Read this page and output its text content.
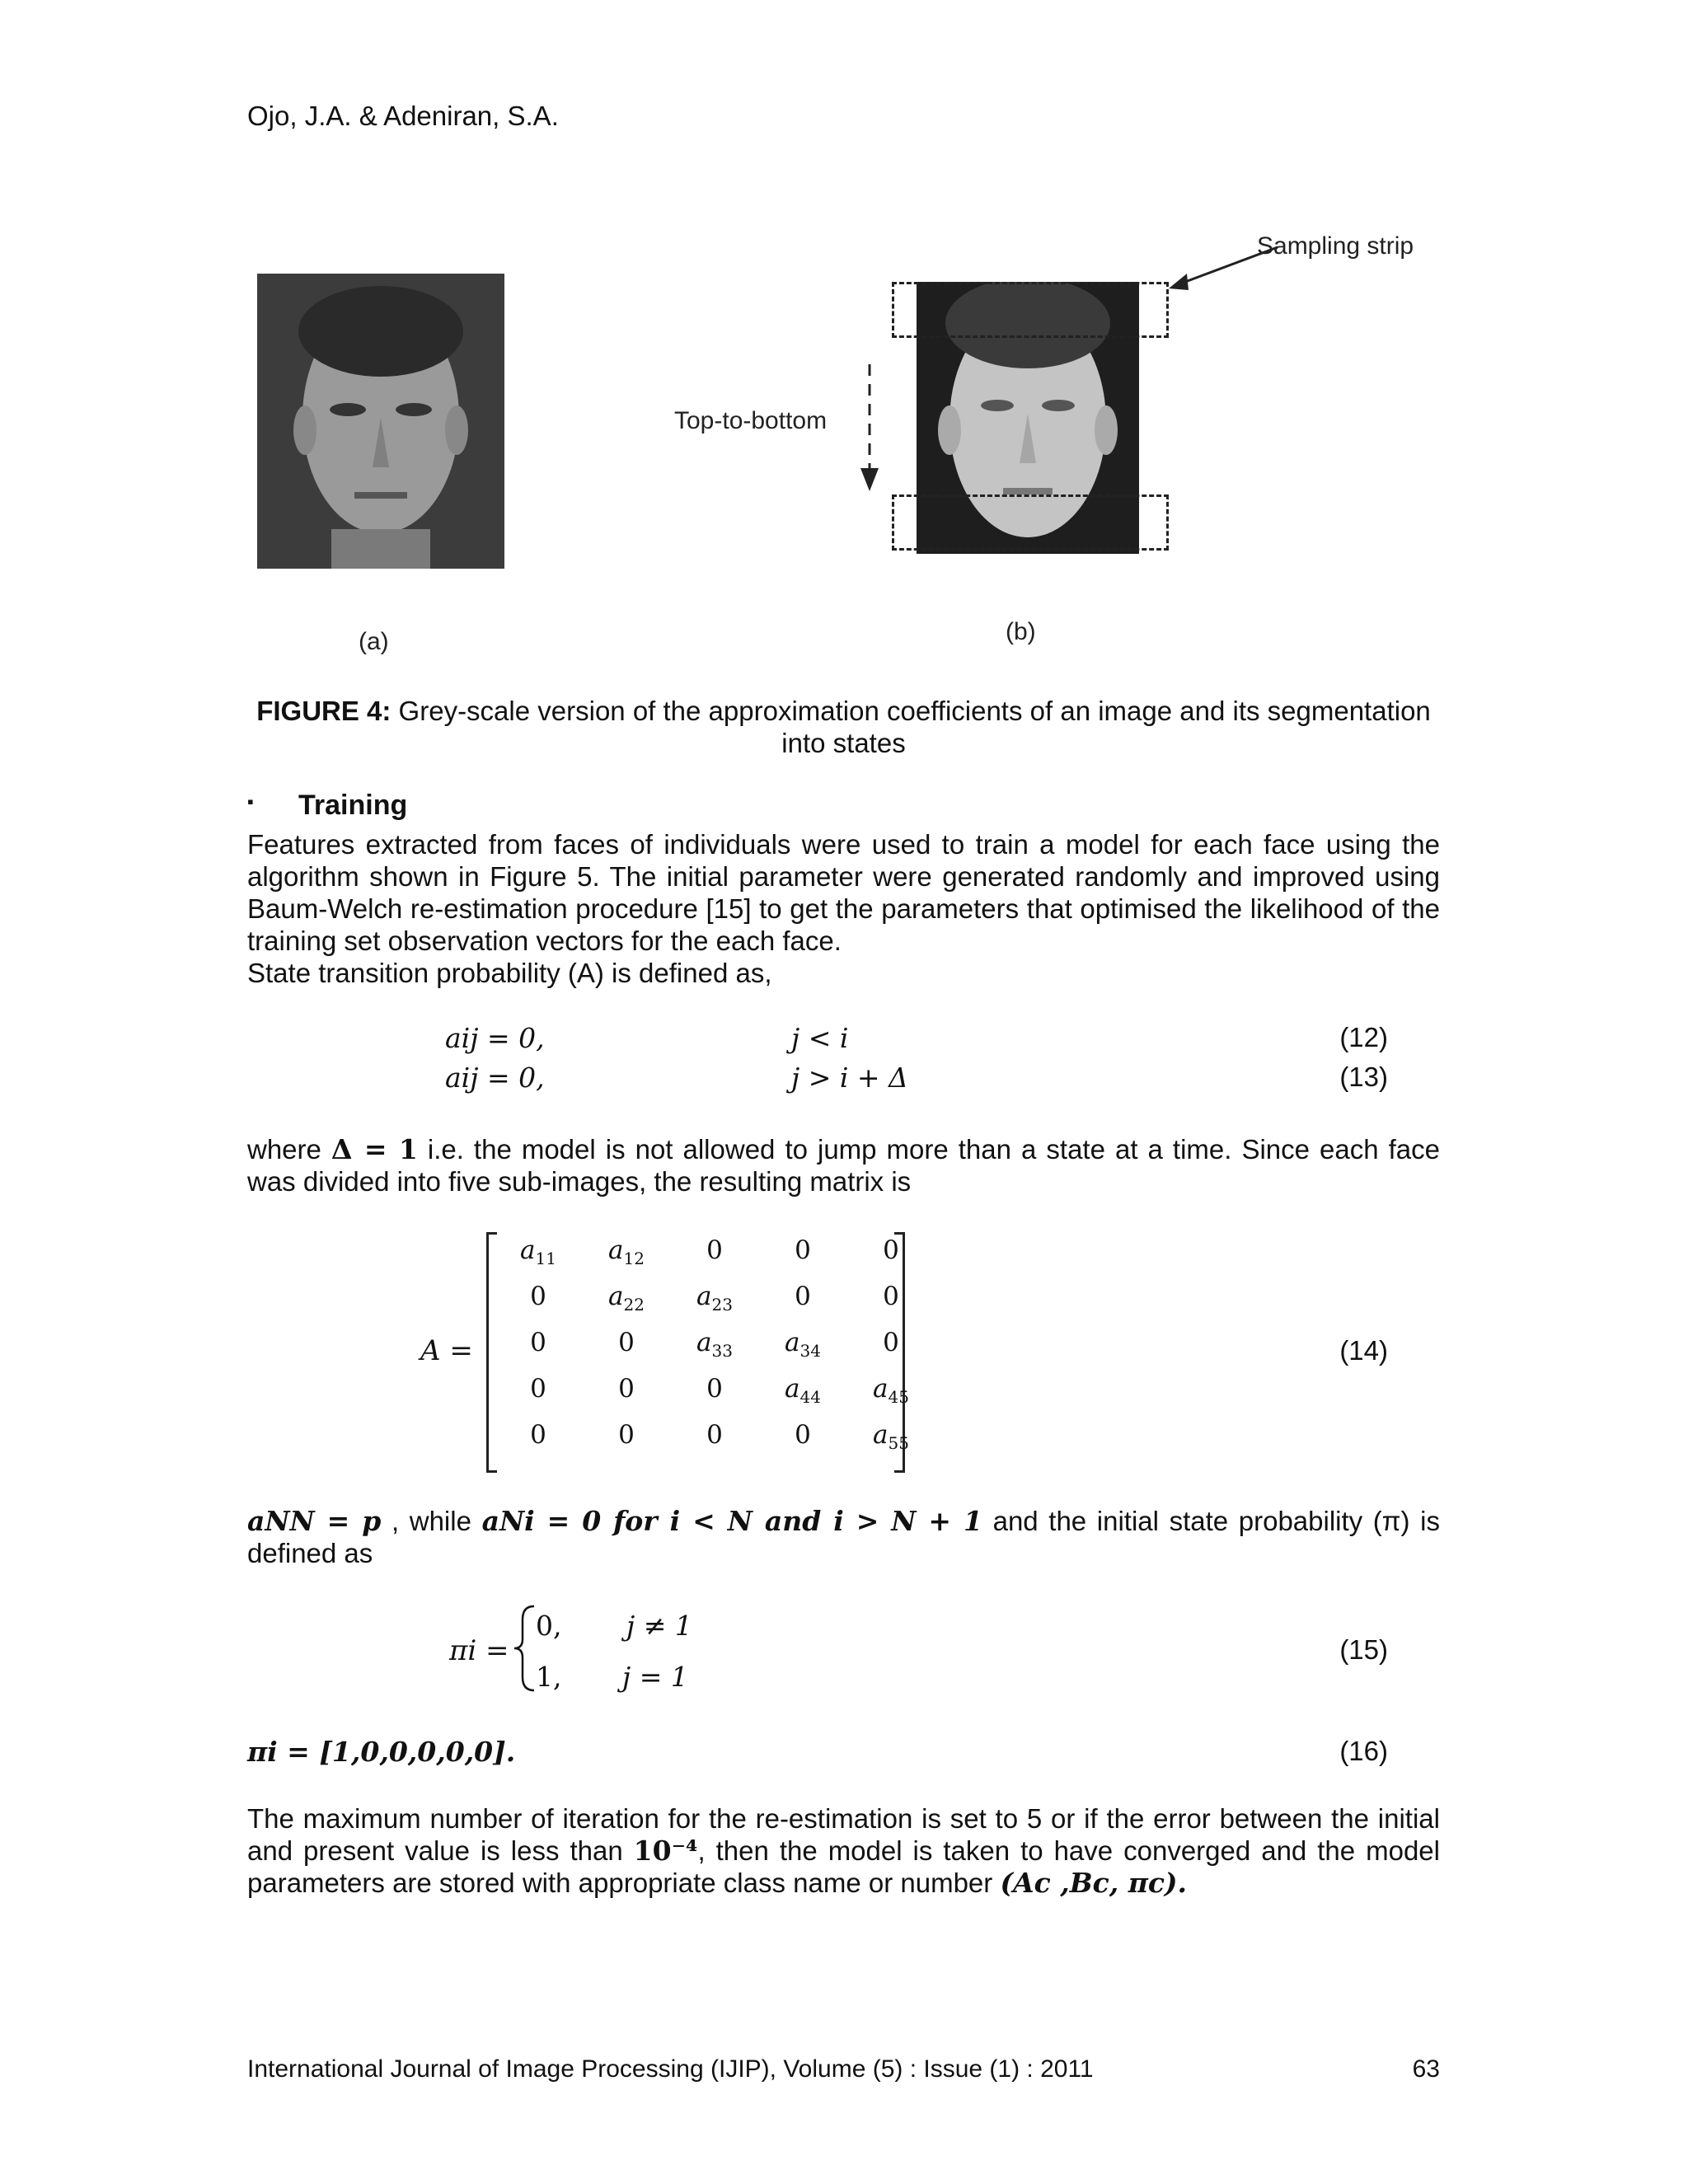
Ojo, J.A. & Adeniran, S.A.
(a)
Sampling strip
Top-to-bottom
(b)
FIGURE 4: Grey-scale version of the approximation coefficients of an image and its segmentation into states
▪ Training
Features extracted from faces of individuals were used to train a model for each face using the algorithm shown in Figure 5. The initial parameter were generated randomly and improved using Baum-Welch re-estimation procedure [15] to get the parameters that optimised the likelihood of the training set observation vectors for the each face.
State transition probability (A) is defined as,
aij = 0,	j < i	(12)
aij = 0,	j > i + Δ	(13)
where Δ = 1 i.e. the model is not allowed to jump more than a state at a time. Since each face was divided into five sub-images, the resulting matrix is
A =
$a_{11}$	$a_{12}$	0	0	0
0	$a_{22}$	$a_{23}$	0	0
0	0	$a_{33}$	$a_{34}$	0
0	0	0	$a_{44}$	$a_{45}$
0	0	0	0	$a_{55}$
(14)
aNN = p , while aNi = 0 for i < N and i > N + 1 and the initial state probability (π) is defined as
πi =
0, j ≠ 1
1, j = 1
(15)
πi = [1,0,0,0,0,0].	(16)
The maximum number of iteration for the re-estimation is set to 5 or if the error between the initial and present value is less than 10⁻⁴, then the model is taken to have converged and the model parameters are stored with appropriate class name or number (Ac ,Bc, πc).
International Journal of Image Processing (IJIP), Volume (5) : Issue (1) : 2011	63
